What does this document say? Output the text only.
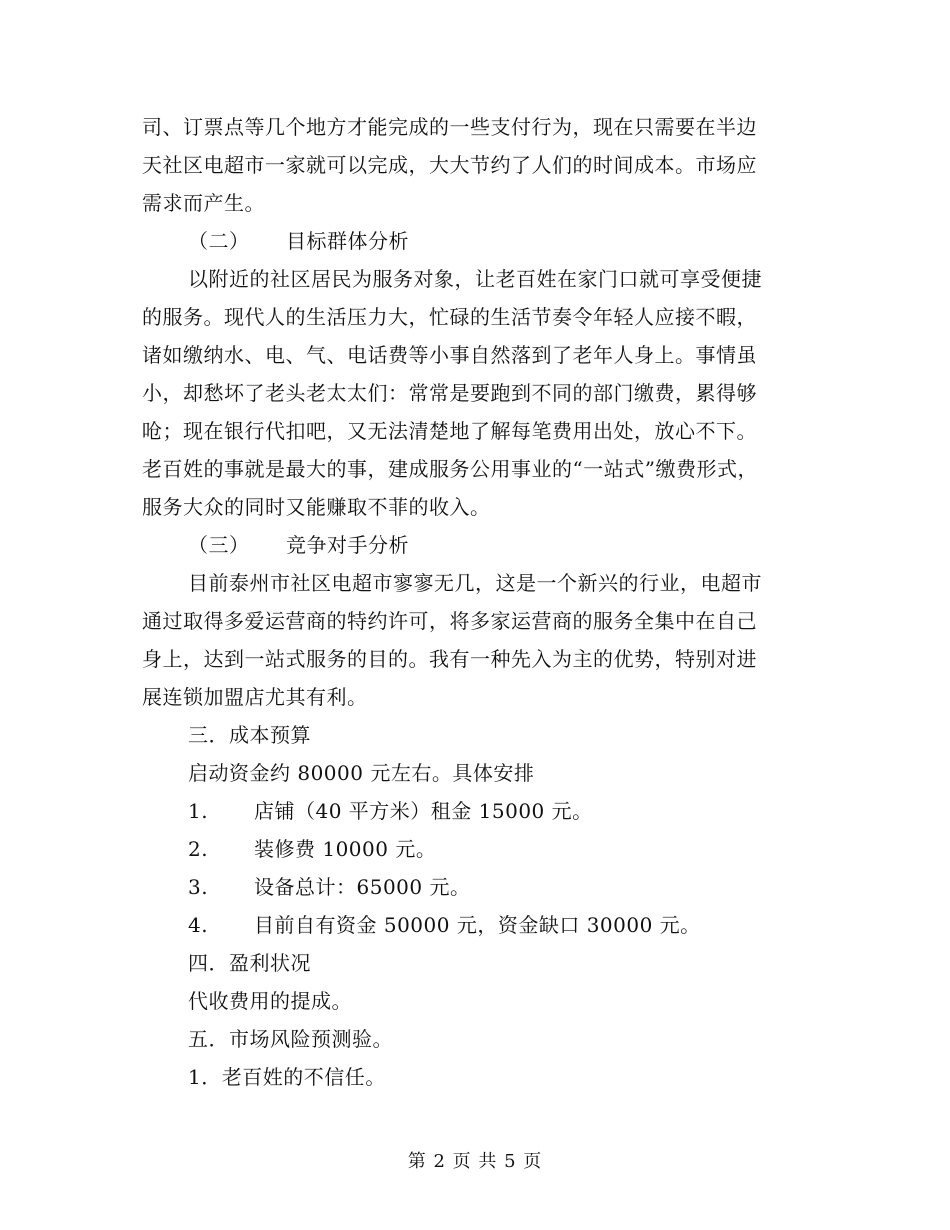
司、订票点等几个地方才能完成的一些支付行为，现在只需要在半边
天社区电超市一家就可以完成，大大节约了人们的时间成本。市场应
需求而产生。
（二） 目标群体分析
以附近的社区居民为服务对象，让老百姓在家门口就可享受便捷
的服务。现代人的生活压力大，忙碌的生活节奏令年轻人应接不暇，
诸如缴纳水、电、气、电话费等小事自然落到了老年人身上。事情虽
小，却愁坏了老头老太太们：常常是要跑到不同的部门缴费，累得够
呛；现在银行代扣吧，又无法清楚地了解每笔费用出处，放心不下。
老百姓的事就是最大的事，建成服务公用事业的“一站式”缴费形式，
服务大众的同时又能赚取不菲的收入。
（三） 竞争对手分析
目前泰州市社区电超市寥寥无几，这是一个新兴的行业，电超市
通过取得多爱运营商的特约许可，将多家运营商的服务全集中在自己
身上，达到一站式服务的目的。我有一种先入为主的优势，特别对进
展连锁加盟店尤其有利。
三．成本预算
启动资金约 80000 元左右。具体安排
1. 店铺（40 平方米）租金 15000 元。
2. 装修费 10000 元。
3. 设备总计：65000 元。
4. 目前自有资金 50000 元，资金缺口 30000 元。
四．盈利状况
代收费用的提成。
五．市场风险预测验。
1．老百姓的不信任。
第 2 页 共 5 页
